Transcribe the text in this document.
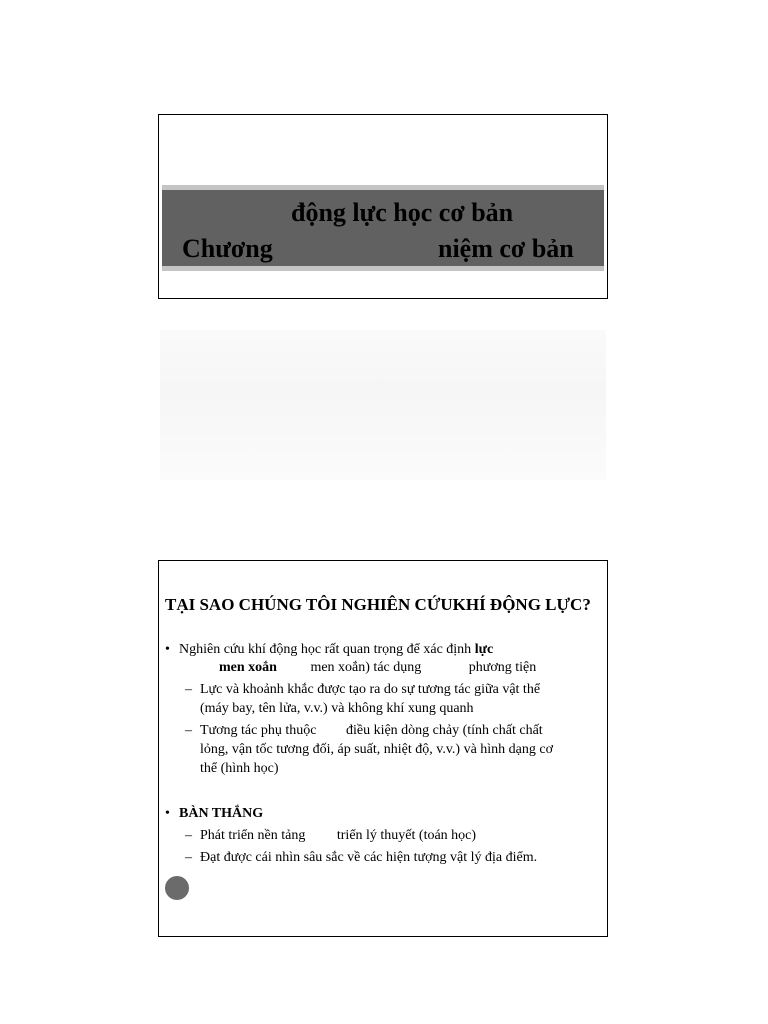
động lực học cơ bản
Chương	niệm cơ bản
TẠI SAO CHÚNG TÔI NGHIÊN CỨUKHÍ ĐỘNG LỰC?
• Nghiên cứu khí động học rất quan trọng để xác định lực
men xoắn men xoắn) tác dụng	phương tiện
– Lực và khoảnh khắc được tạo ra do sự tương tác giữa vật thể
(máy bay, tên lửa, v.v.) và không khí xung quanh
– Tương tác phụ thuộc điều kiện dòng chảy (tính chất chất
lỏng, vận tốc tương đối, áp suất, nhiệt độ, v.v.) và hình dạng cơ
thể (hình học)
• BÀN THẮNG
– Phát triển nền tảng triển lý thuyết (toán học)
– Đạt được cái nhìn sâu sắc về các hiện tượng vật lý địa điểm.
